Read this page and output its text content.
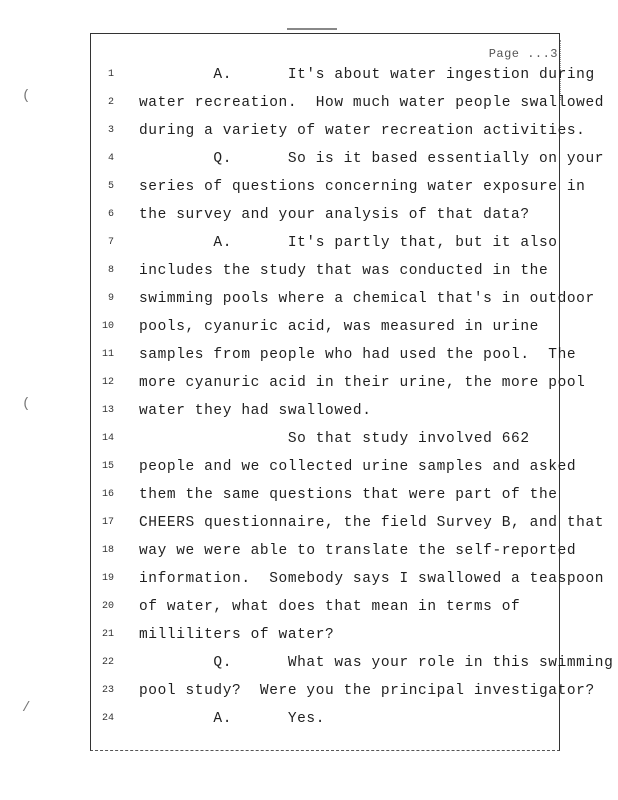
Page ...3
(
(
/
1 A.      It's about water ingestion during
2 water recreation.  How much water people swallowed
3 during a variety of water recreation activities.
4 Q.      So is it based essentially on your
5 series of questions concerning water exposure in
6 the survey and your analysis of that data?
7 A.      It's partly that, but it also
8 includes the study that was conducted in the
9 swimming pools where a chemical that's in outdoor
10 pools, cyanuric acid, was measured in urine
11 samples from people who had used the pool.  The
12 more cyanuric acid in their urine, the more pool
13 water they had swallowed.
14 So that study involved 662
15 people and we collected urine samples and asked
16 them the same questions that were part of the
17 CHEERS questionnaire, the field Survey B, and that
18 way we were able to translate the self-reported
19 information.  Somebody says I swallowed a teaspoon
20 of water, what does that mean in terms of
21 milliliters of water?
22 Q.      What was your role in this swimming
23 pool study?  Were you the principal investigator?
24 A.      Yes.
